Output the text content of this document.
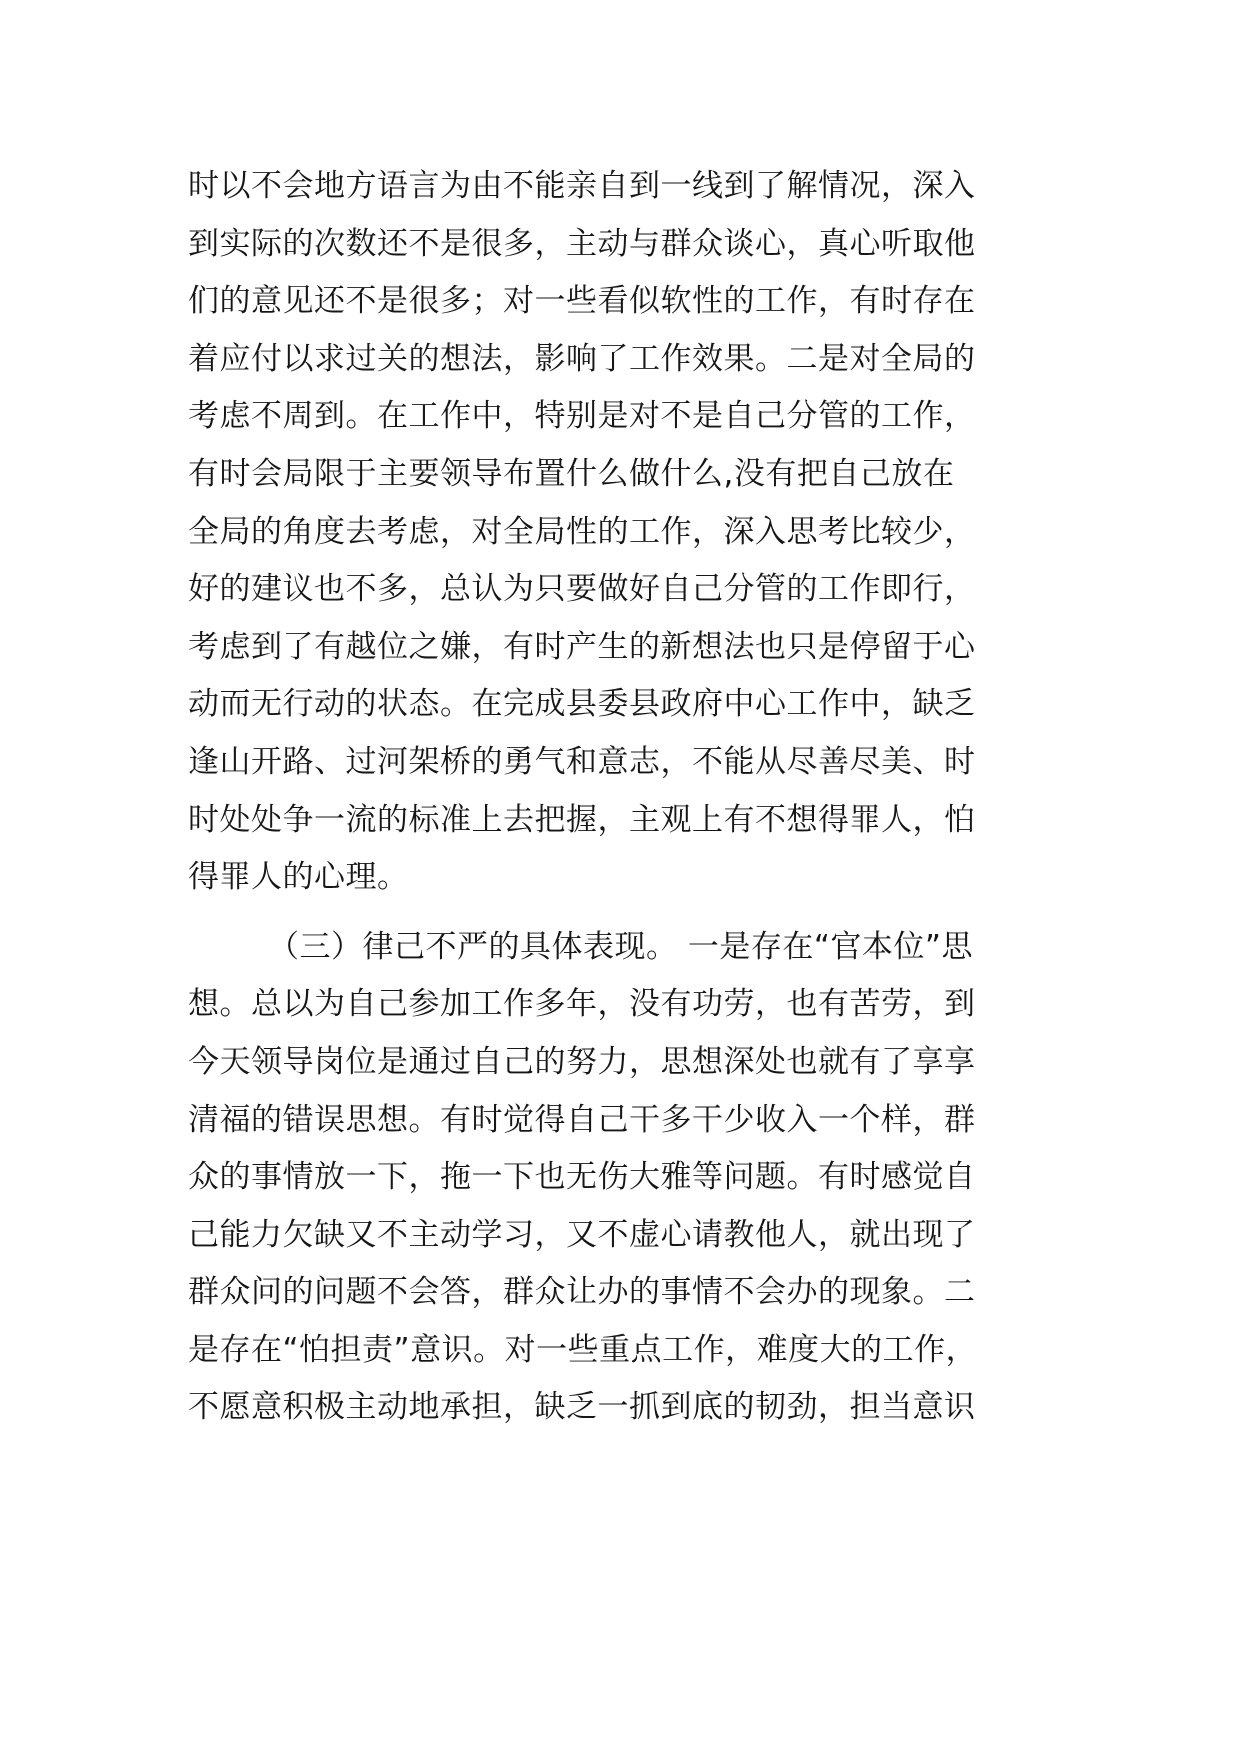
时以不会地方语言为由不能亲自到一线到了解情况，深入
到实际的次数还不是很多，主动与群众谈心，真心听取他
们的意见还不是很多；对一些看似软性的工作，有时存在
着应付以求过关的想法，影响了工作效果。二是对全局的
考虑不周到。在工作中，特别是对不是自己分管的工作，
有时会局限于主要领导布置什么做什么,没有把自己放在
全局的角度去考虑，对全局性的工作，深入思考比较少，
好的建议也不多，总认为只要做好自己分管的工作即行，
考虑到了有越位之嫌，有时产生的新想法也只是停留于心
动而无行动的状态。在完成县委县政府中心工作中，缺乏
逢山开路、过河架桥的勇气和意志，不能从尽善尽美、时
时处处争一流的标准上去把握，主观上有不想得罪人，怕
得罪人的心理。
（三）律己不严的具体表现。 一是存在“官本位”思
想。总以为自己参加工作多年，没有功劳，也有苦劳，到
今天领导岗位是通过自己的努力，思想深处也就有了享享
清福的错误思想。有时觉得自己干多干少收入一个样，群
众的事情放一下，拖一下也无伤大雅等问题。有时感觉自
己能力欠缺又不主动学习，又不虚心请教他人，就出现了
群众问的问题不会答，群众让办的事情不会办的现象。二
是存在“怕担责”意识。对一些重点工作，难度大的工作，
不愿意积极主动地承担，缺乏一抓到底的韧劲，担当意识
